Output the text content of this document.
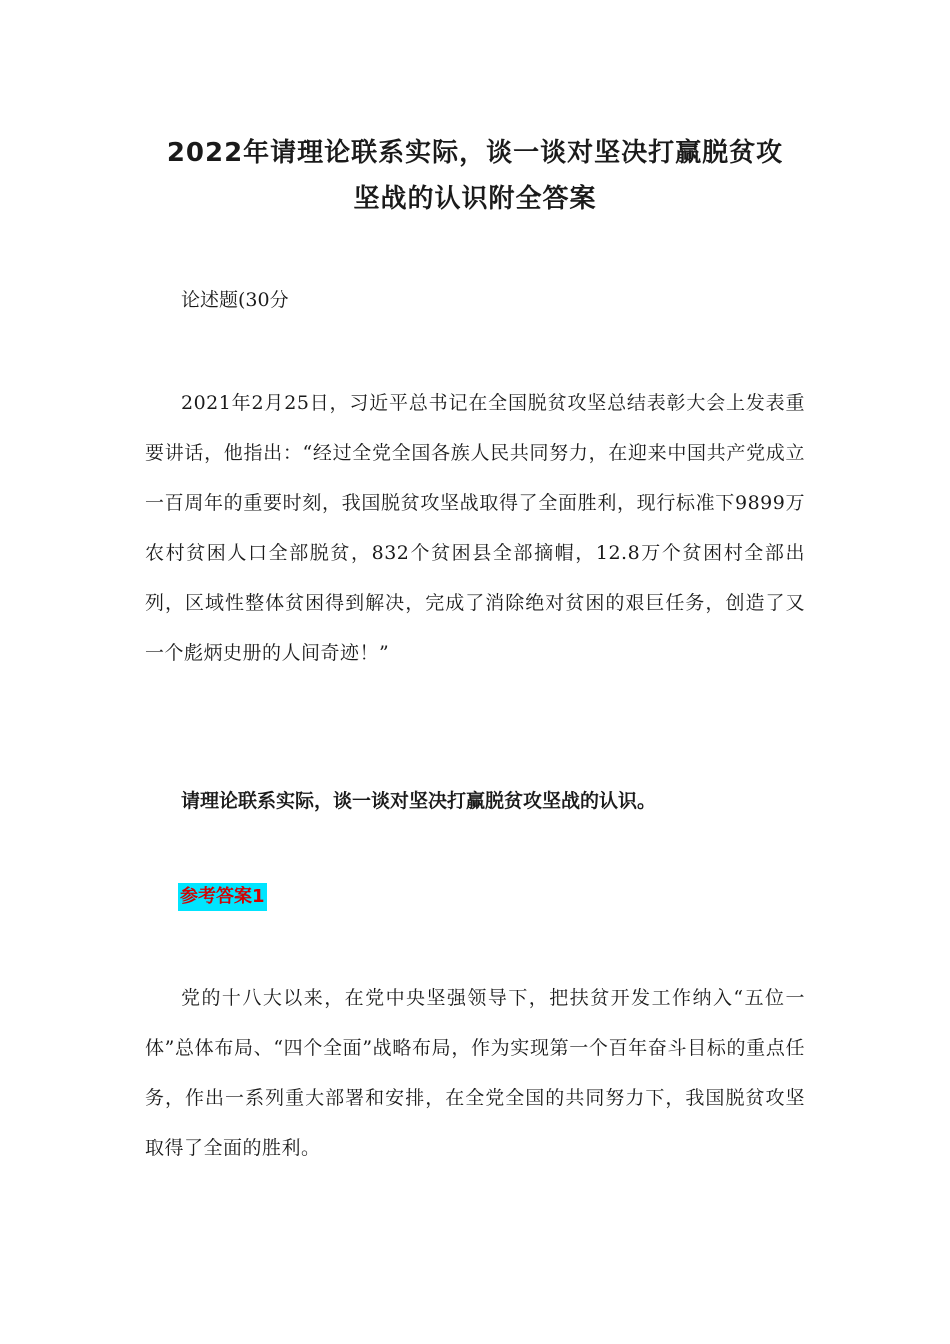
2022年请理论联系实际，谈一谈对坚决打赢脱贫攻
坚战的认识附全答案
论述题(30分
2021年2月25日，习近平总书记在全国脱贫攻坚总结表彰大会上发表重要讲话，他指出：“经过全党全国各族人民共同努力，在迎来中国共产党成立一百周年的重要时刻，我国脱贫攻坚战取得了全面胜利，现行标准下9899万农村贫困人口全部脱贫，832个贫困县全部摘帽，12.8万个贫困村全部出列，区域性整体贫困得到解决，完成了消除绝对贫困的艰巨任务，创造了又一个彪炳史册的人间奇迹！”
请理论联系实际，谈一谈对坚决打赢脱贫攻坚战的认识。
参考答案1
党的十八大以来，在党中央坚强领导下，把扶贫开发工作纳入“五位一体”总体布局、“四个全面”战略布局，作为实现第一个百年奋斗目标的重点任务，作出一系列重大部署和安排，在全党全国的共同努力下，我国脱贫攻坚取得了全面的胜利。
